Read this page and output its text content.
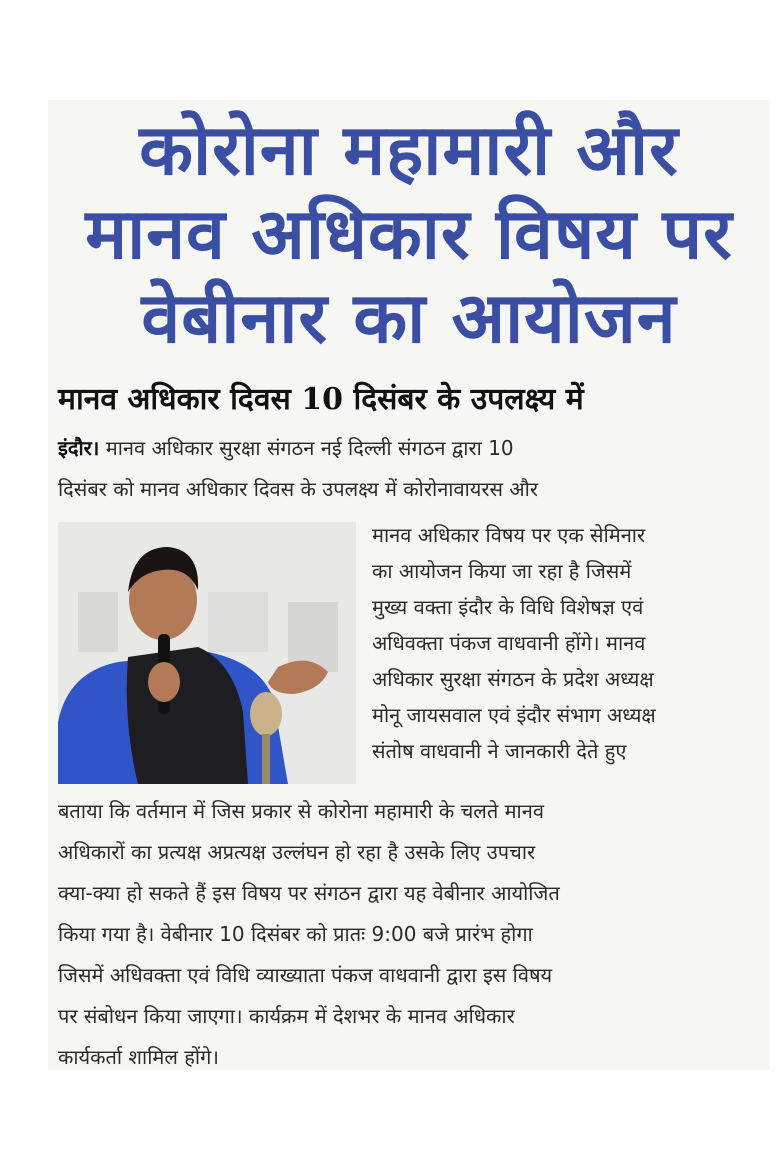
कोरोना महामारी और
मानव अधिकार विषय पर
वेबीनार का आयोजन
मानव अधिकार दिवस 10 दिसंबर के उपलक्ष्य में
इंदौर। मानव अधिकार सुरक्षा संगठन नई दिल्ली संगठन द्वारा 10
दिसंबर को मानव अधिकार दिवस के उपलक्ष्य में कोरोनावायरस और
मानव अधिकार विषय पर एक सेमिनार
का आयोजन किया जा रहा है जिसमें
मुख्य वक्ता इंदौर के विधि विशेषज्ञ एवं
अधिवक्ता पंकज वाधवानी होंगे। मानव
अधिकार सुरक्षा संगठन के प्रदेश अध्यक्ष
मोनू जायसवाल एवं इंदौर संभाग अध्यक्ष
संतोष वाधवानी ने जानकारी देते हुए
बताया कि वर्तमान में जिस प्रकार से कोरोना महामारी के चलते मानव
अधिकारों का प्रत्यक्ष अप्रत्यक्ष उल्लंघन हो रहा है उसके लिए उपचार
क्या-क्या हो सकते हैं इस विषय पर संगठन द्वारा यह वेबीनार आयोजित
किया गया है। वेबीनार 10 दिसंबर को प्रातः 9:00 बजे प्रारंभ होगा
जिसमें अधिवक्ता एवं विधि व्याख्याता पंकज वाधवानी द्वारा इस विषय
पर संबोधन किया जाएगा। कार्यक्रम में देशभर के मानव अधिकार
कार्यकर्ता शामिल होंगे।
